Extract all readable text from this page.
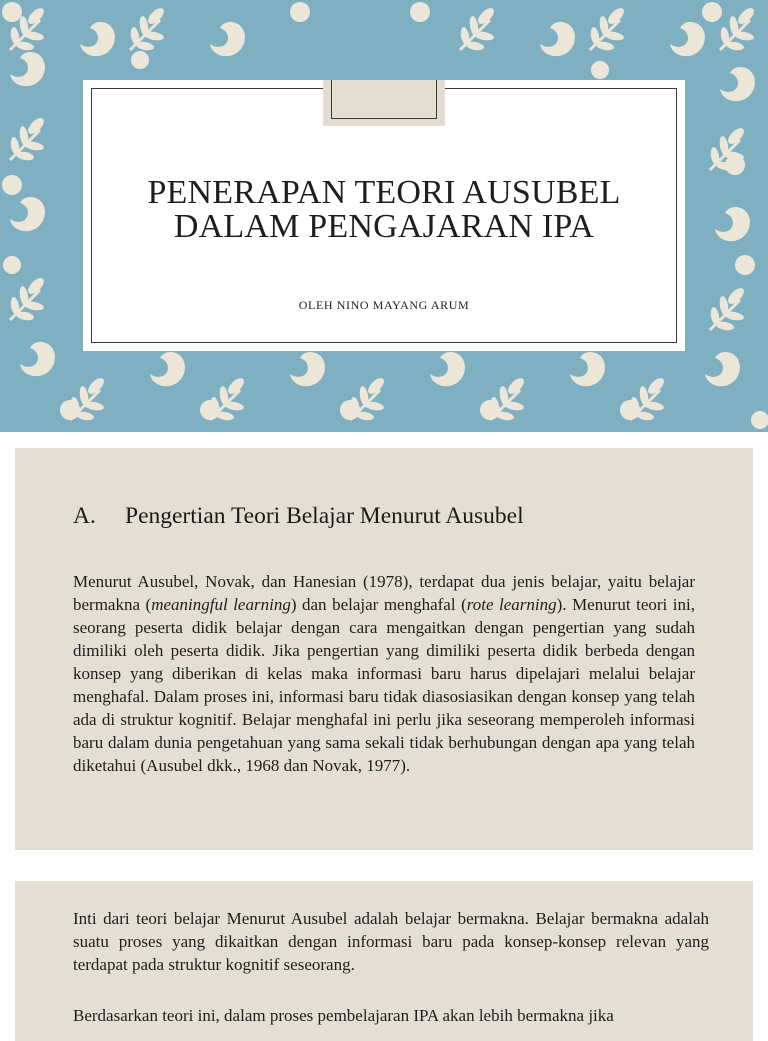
PENERAPAN TEORI AUSUBEL
DALAM PENGAJARAN IPA
OLEH NINO MAYANG ARUM
A.	Pengertian Teori Belajar Menurut Ausubel

Menurut Ausubel, Novak, dan Hanesian (1978), terdapat dua jenis belajar, yaitu belajar bermakna (meaningful learning) dan belajar menghafal (rote learning). Menurut teori ini, seorang peserta didik belajar dengan cara mengaitkan dengan pengertian yang sudah dimiliki oleh peserta didik. Jika pengertian yang dimiliki peserta didik berbeda dengan konsep yang diberikan di kelas maka informasi baru harus dipelajari melalui belajar menghafal. Dalam proses ini, informasi baru tidak diasosiasikan dengan konsep yang telah ada di struktur kognitif. Belajar menghafal ini perlu jika seseorang memperoleh informasi baru dalam dunia pengetahuan yang sama sekali tidak berhubungan dengan apa yang telah diketahui (Ausubel dkk., 1968 dan Novak, 1977).

Inti dari teori belajar Menurut Ausubel adalah belajar bermakna. Belajar bermakna adalah suatu proses yang dikaitkan dengan informasi baru pada konsep-konsep relevan yang terdapat pada struktur kognitif seseorang.

Berdasarkan teori ini, dalam proses pembelajaran IPA akan lebih bermakna jika
